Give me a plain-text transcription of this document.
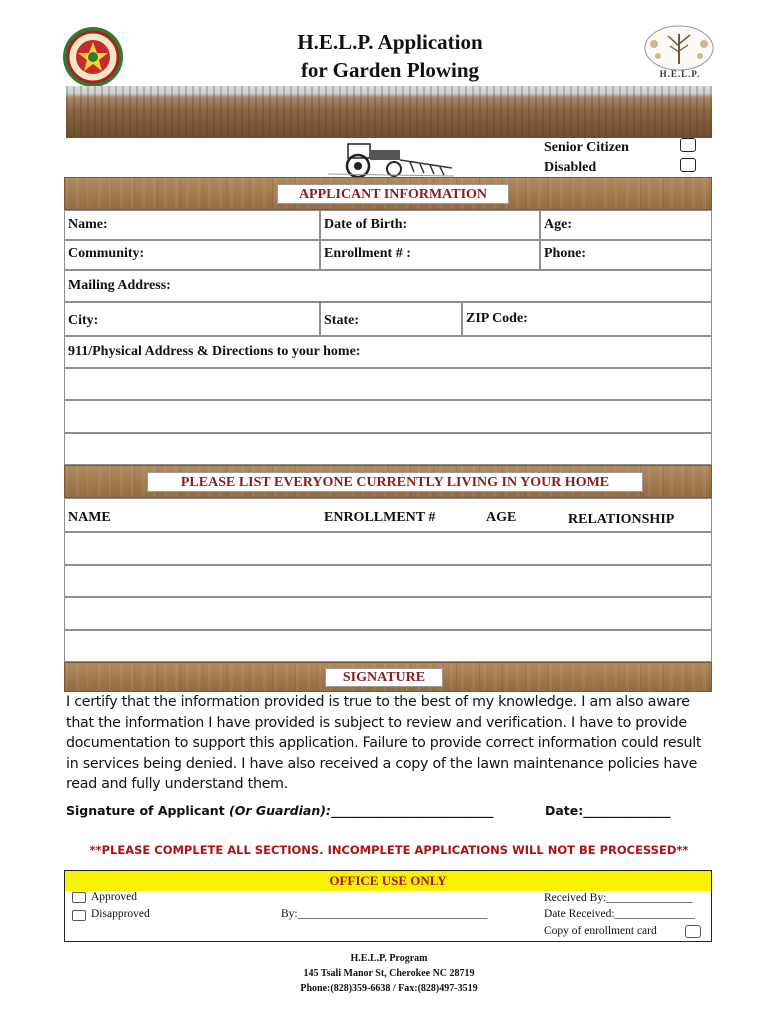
H.E.L.P. Application
for Garden Plowing	H.E.L.P.
Senior Citizen
Disabled
APPLICANT INFORMATION
Name:	Date of Birth:	Age:
Community:	Enrollment # :	Phone:
Mailing Address:
City:	State:	ZIP Code:
911/Physical Address & Directions to your home:
PLEASE LIST EVERYONE CURRENTLY LIVING IN YOUR HOME
NAME	ENROLLMENT #	AGE	RELATIONSHIP
SIGNATURE
I certify that the information provided is true to the best of my knowledge. I am also aware that the information I have provided is subject to review and verification. I have to provide documentation to support this application. Failure to provide correct information could result in services being denied. I have also received a copy of the lawn maintenance policies have read and fully understand them.
Signature of Applicant (Or Guardian):__________________________	Date:______________
**PLEASE COMPLETE ALL SECTIONS. INCOMPLETE APPLICATIONS WILL NOT BE PROCESSED**
OFFICE USE ONLY
Approved
Disapproved	By:_________________________________
Received By:_______________
Date Received:______________
Copy of enrollment card
H.E.L.P. Program
145 Tsali Manor St, Cherokee NC 28719
Phone:(828)359-6638 / Fax:(828)497-3519
